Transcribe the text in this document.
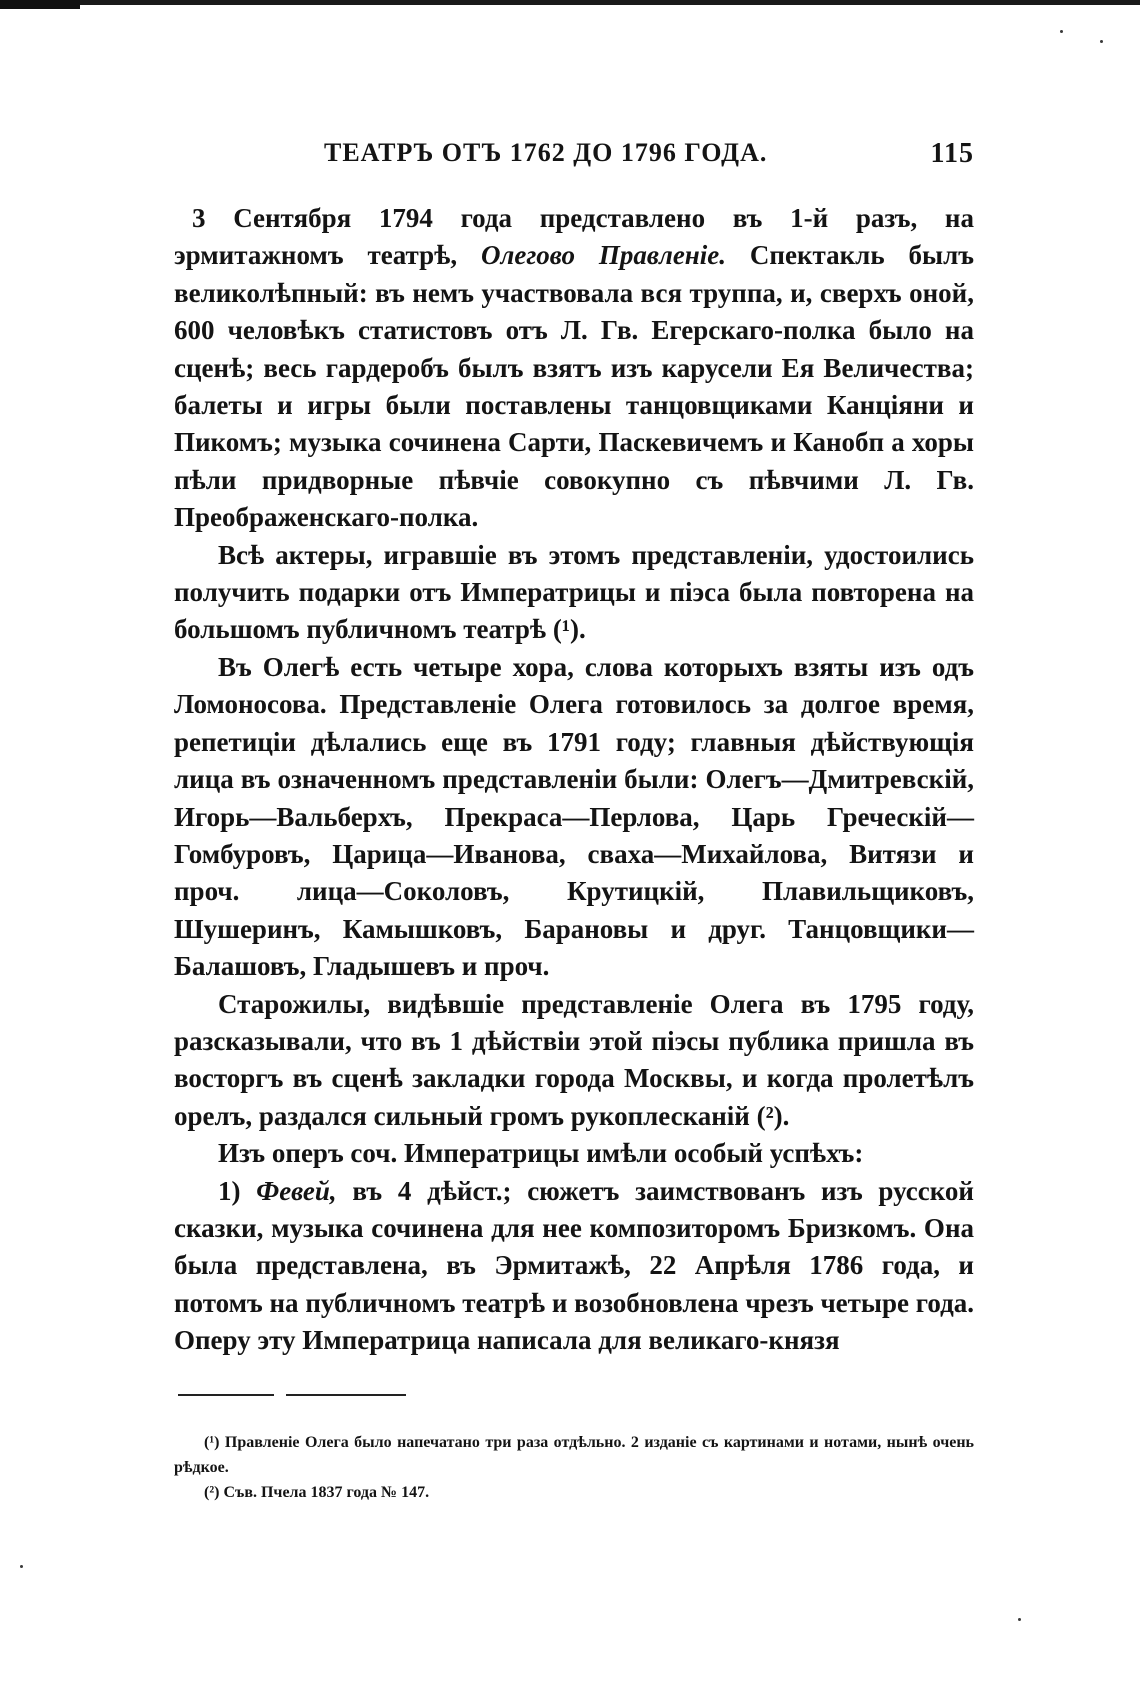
ТЕАТРЪ ОТЪ 1762 ДО 1796 ГОДА.	115

3 Сентября 1794 года представлено въ 1-й разъ, на эрмитажномъ театрѣ, Олегово Правленіе. Спектакль былъ великолѣпный: въ немъ участвовала вся труппа, и, сверхъ оной, 600 человѣкъ статистовъ отъ Л. Гв. Егерскаго-полка было на сценѣ; весь гардеробъ былъ взятъ изъ карусели Ея Величества; балеты и игры были поставлены танцовщиками Канціяни и Пикомъ; музыка сочинена Сарти, Паскевичемъ и Канобп а хоры пѣли придворные пѣвчіе совокупно съ пѣвчими Л. Гв. Преображенскаго-полка.

Всѣ актеры, игравшіе въ этомъ представленіи, удостоились получить подарки отъ Императрицы и піэса была повторена на большомъ публичномъ театрѣ (¹).

Въ Олегѣ есть четыре хора, слова которыхъ взяты изъ одъ Ломоносова. Представленіе Олега готовилось за долгое время, репетиціи дѣлались еще въ 1791 году; главныя дѣйствующія лица въ означенномъ представленіи были: Олегъ—Дмитревскій, Игорь—Вальберхъ, Прекраса—Перлова, Царь Греческій—Гомбуровъ, Царица—Иванова, сваха—Михайлова, Витязи и проч. лица—Соколовъ, Крутицкій, Плавильщиковъ, Шушеринъ, Камышковъ, Барановы и друг. Танцовщики—Балашовъ, Гладышевъ и проч.

Старожилы, видѣвшіе представленіе Олега въ 1795 году, разсказывали, что въ 1 дѣйствіи этой піэсы публика пришла въ восторгъ въ сценѣ закладки города Москвы, и когда пролетѣлъ орелъ, раздался сильный громъ рукоплесканій (²).

Изъ оперъ соч. Императрицы имѣли особый успѣхъ:

1) Февей, въ 4 дѣйст.; сюжетъ заимствованъ изъ русской сказки, музыка сочинена для нее композиторомъ Бризкомъ. Она была представлена, въ Эрмитажѣ, 22 Апрѣля 1786 года, и потомъ на публичномъ театрѣ и возобновлена чрезъ четыре года. Оперу эту Императрица написала для великаго-князя

(¹) Правленіе Олега было напечатано три раза отдѣльно. 2 изданіе съ картинами и нотами, нынѣ очень рѣдкое.

(²) Съв. Пчела 1837 года № 147.
